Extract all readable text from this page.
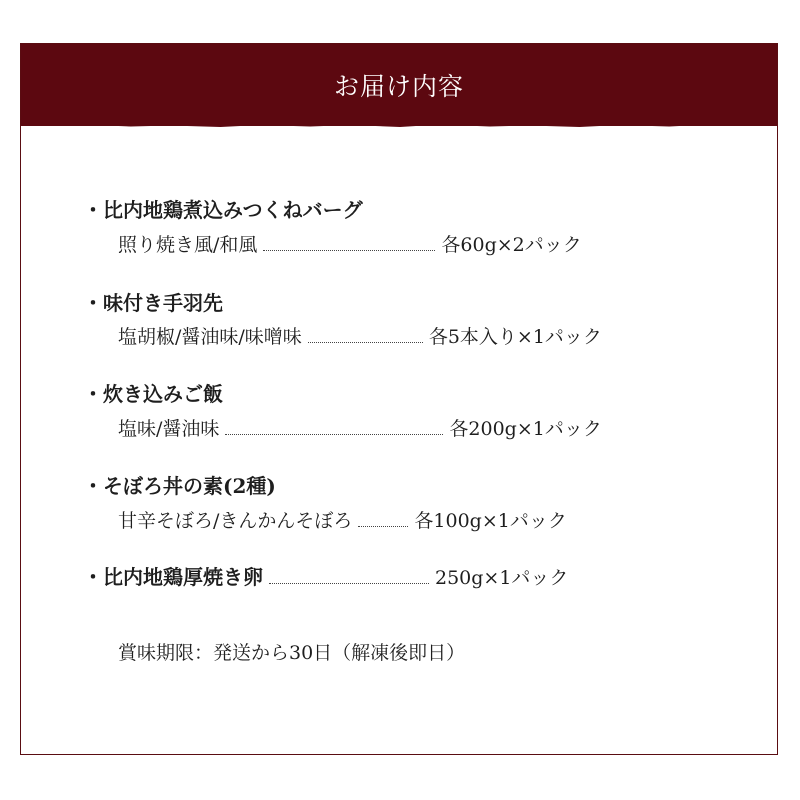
お届け内容
・比内地鶏煮込みつくねバーグ
照り焼き風/和風	各60g×2パック
・味付き手羽先
塩胡椒/醤油味/味噌味	各5本入り×1パック
・炊き込みご飯
塩味/醤油味	各200g×1パック
・そぼろ丼の素(2種)
甘辛そぼろ/きんかんそぼろ	各100g×1パック
・ 比内地鶏厚焼き卵	250g×1パック
賞味期限：発送から30日（解凍後即日）
